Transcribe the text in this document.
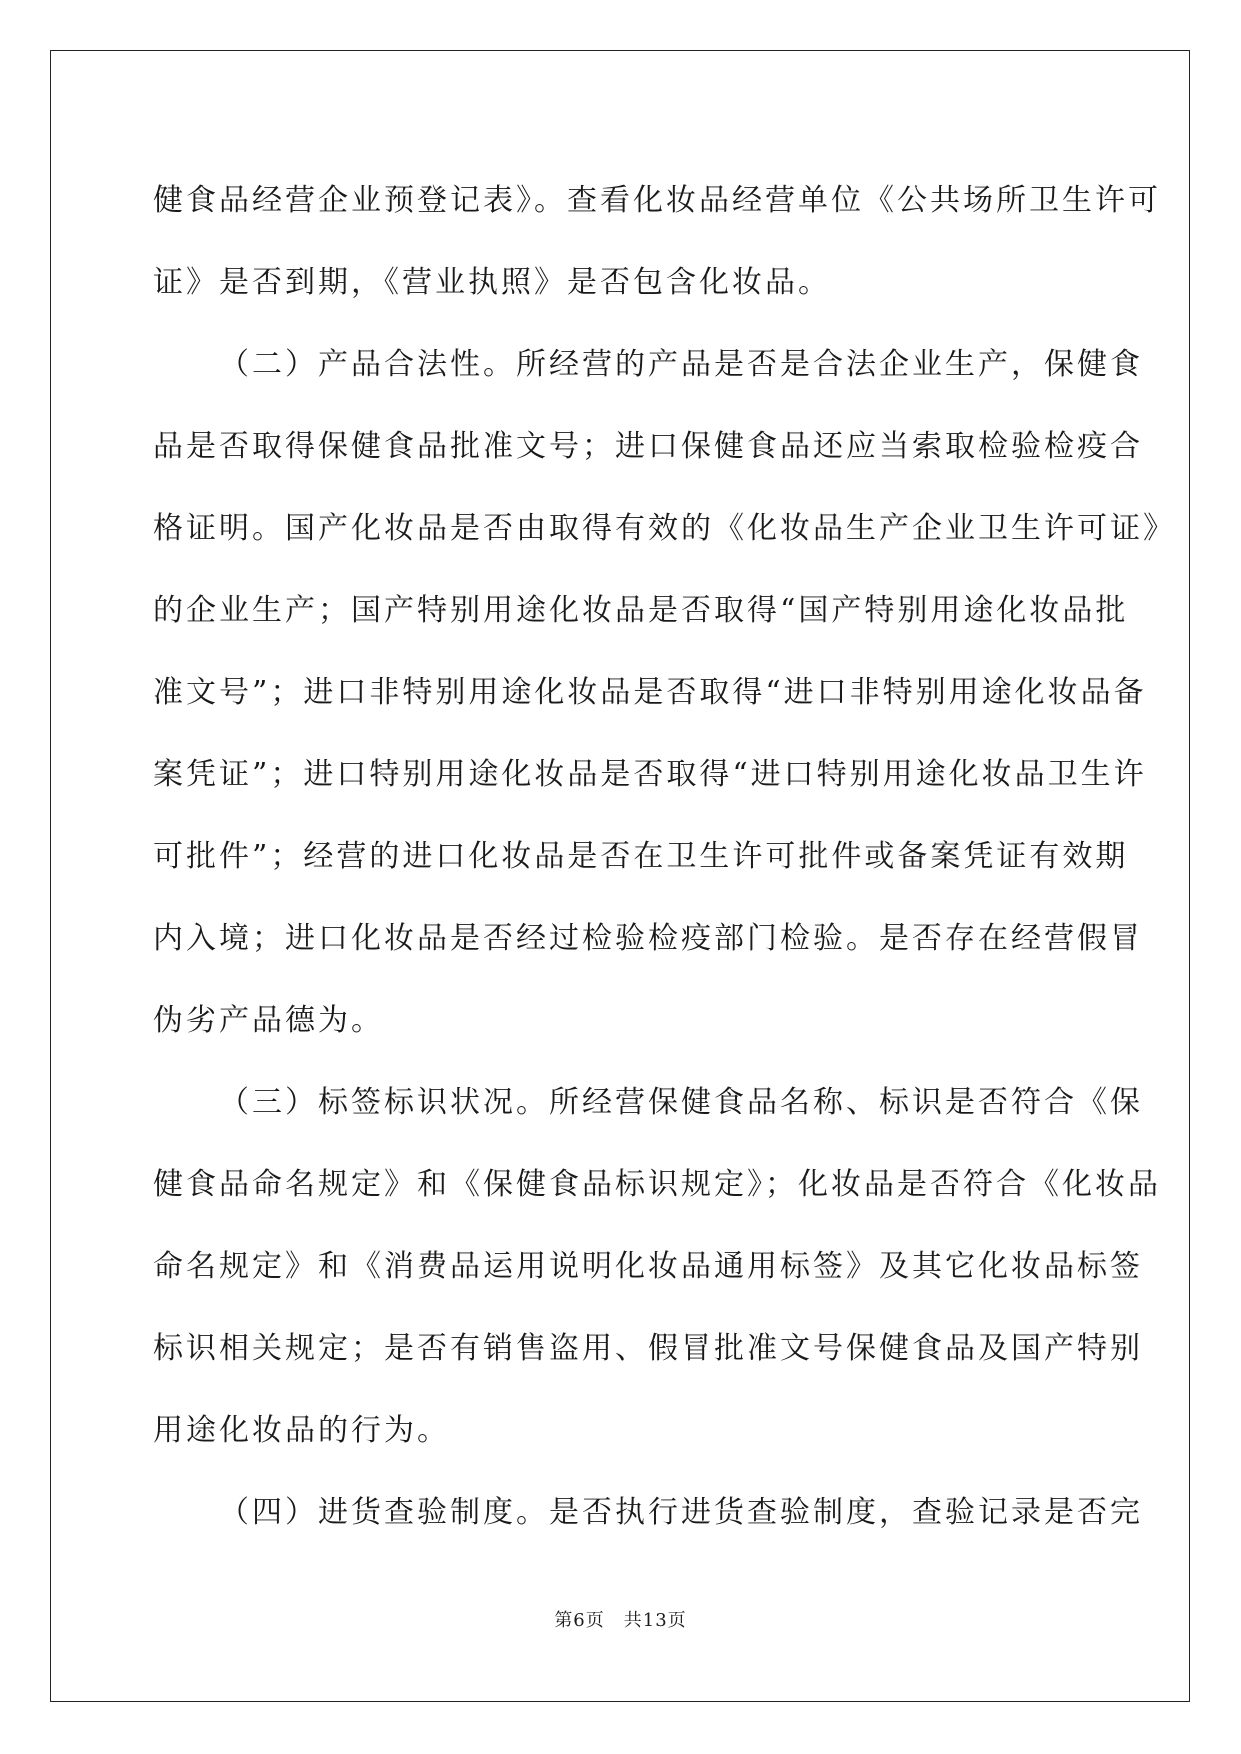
健食品经营企业预登记表》。查看化妆品经营单位《公共场所卫生许可
证》是否到期，《营业执照》是否包含化妆品。
（二）产品合法性。所经营的产品是否是合法企业生产，保健食
品是否取得保健食品批准文号；进口保健食品还应当索取检验检疫合
格证明。国产化妆品是否由取得有效的《化妆品生产企业卫生许可证》
的企业生产；国产特别用途化妆品是否取得“国产特别用途化妆品批
准文号”；进口非特别用途化妆品是否取得“进口非特别用途化妆品备
案凭证”；进口特别用途化妆品是否取得“进口特别用途化妆品卫生许
可批件”；经营的进口化妆品是否在卫生许可批件或备案凭证有效期
内入境；进口化妆品是否经过检验检疫部门检验。是否存在经营假冒
伪劣产品德为。
（三）标签标识状况。所经营保健食品名称、标识是否符合《保
健食品命名规定》和《保健食品标识规定》；化妆品是否符合《化妆品
命名规定》和《消费品运用说明化妆品通用标签》及其它化妆品标签
标识相关规定；是否有销售盗用、假冒批准文号保健食品及国产特别
用途化妆品的行为。
（四）进货查验制度。是否执行进货查验制度，查验记录是否完
第6页　共13页
